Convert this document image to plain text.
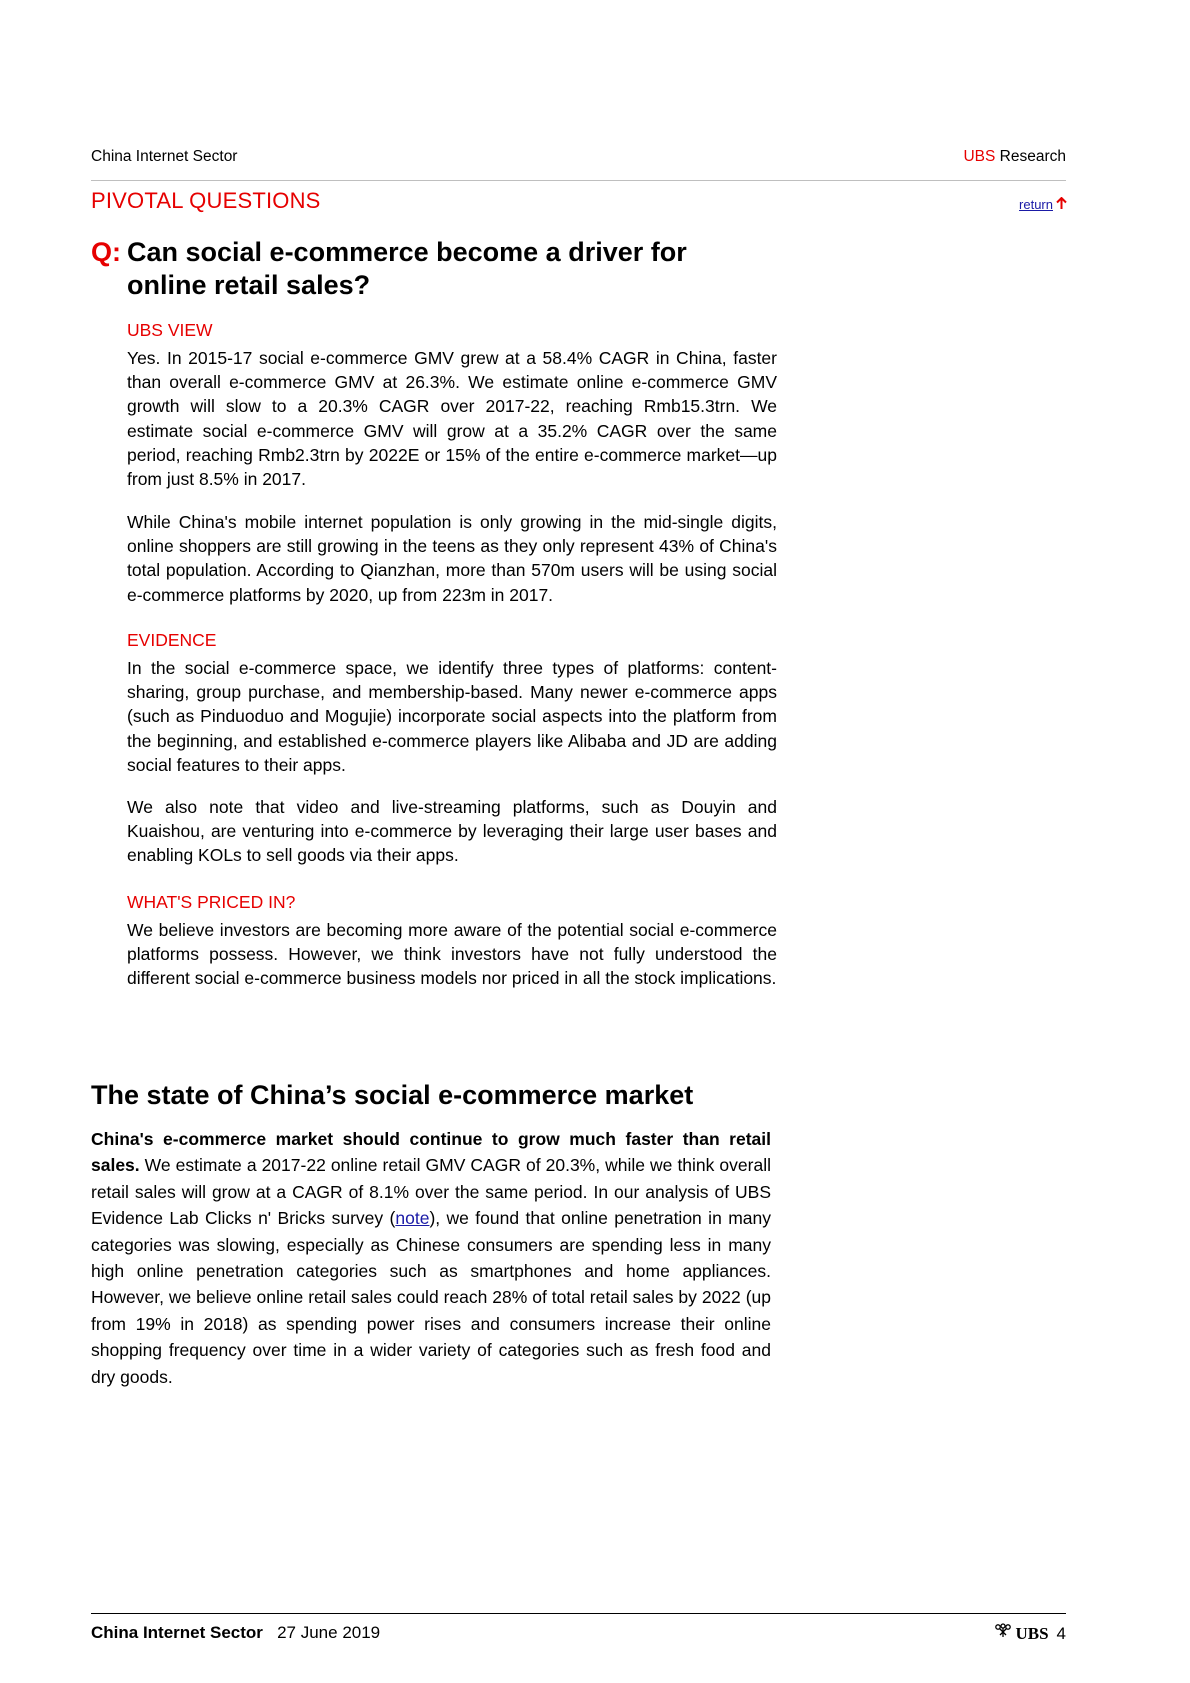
China Internet Sector	UBS Research
PIVOTAL QUESTIONS	return
Q: Can social e-commerce become a driver for
online retail sales?
UBS VIEW
Yes. In 2015-17 social e-commerce GMV grew at a 58.4% CAGR in China, faster than overall e-commerce GMV at 26.3%. We estimate online e-commerce GMV growth will slow to a 20.3% CAGR over 2017-22, reaching Rmb15.3trn. We estimate social e-commerce GMV will grow at a 35.2% CAGR over the same period, reaching Rmb2.3trn by 2022E or 15% of the entire e-commerce market—up from just 8.5% in 2017.
While China's mobile internet population is only growing in the mid-single digits, online shoppers are still growing in the teens as they only represent 43% of China's total population. According to Qianzhan, more than 570m users will be using social e-commerce platforms by 2020, up from 223m in 2017.
EVIDENCE
In the social e-commerce space, we identify three types of platforms: content-sharing, group purchase, and membership-based. Many newer e-commerce apps (such as Pinduoduo and Mogujie) incorporate social aspects into the platform from the beginning, and established e-commerce players like Alibaba and JD are adding social features to their apps.
We also note that video and live-streaming platforms, such as Douyin and Kuaishou, are venturing into e-commerce by leveraging their large user bases and enabling KOLs to sell goods via their apps.
WHAT'S PRICED IN?
We believe investors are becoming more aware of the potential social e-commerce platforms possess. However, we think investors have not fully understood the different social e-commerce business models nor priced in all the stock implications.
The state of China’s social e-commerce market
China's e-commerce market should continue to grow much faster than retail sales. We estimate a 2017-22 online retail GMV CAGR of 20.3%, while we think overall retail sales will grow at a CAGR of 8.1% over the same period. In our analysis of UBS Evidence Lab Clicks n' Bricks survey (note), we found that online penetration in many categories was slowing, especially as Chinese consumers are spending less in many high online penetration categories such as smartphones and home appliances. However, we believe online retail sales could reach 28% of total retail sales by 2022 (up from 19% in 2018) as spending power rises and consumers increase their online shopping frequency over time in a wider variety of categories such as fresh food and dry goods.
China Internet Sector 27 June 2019	UBS 4
